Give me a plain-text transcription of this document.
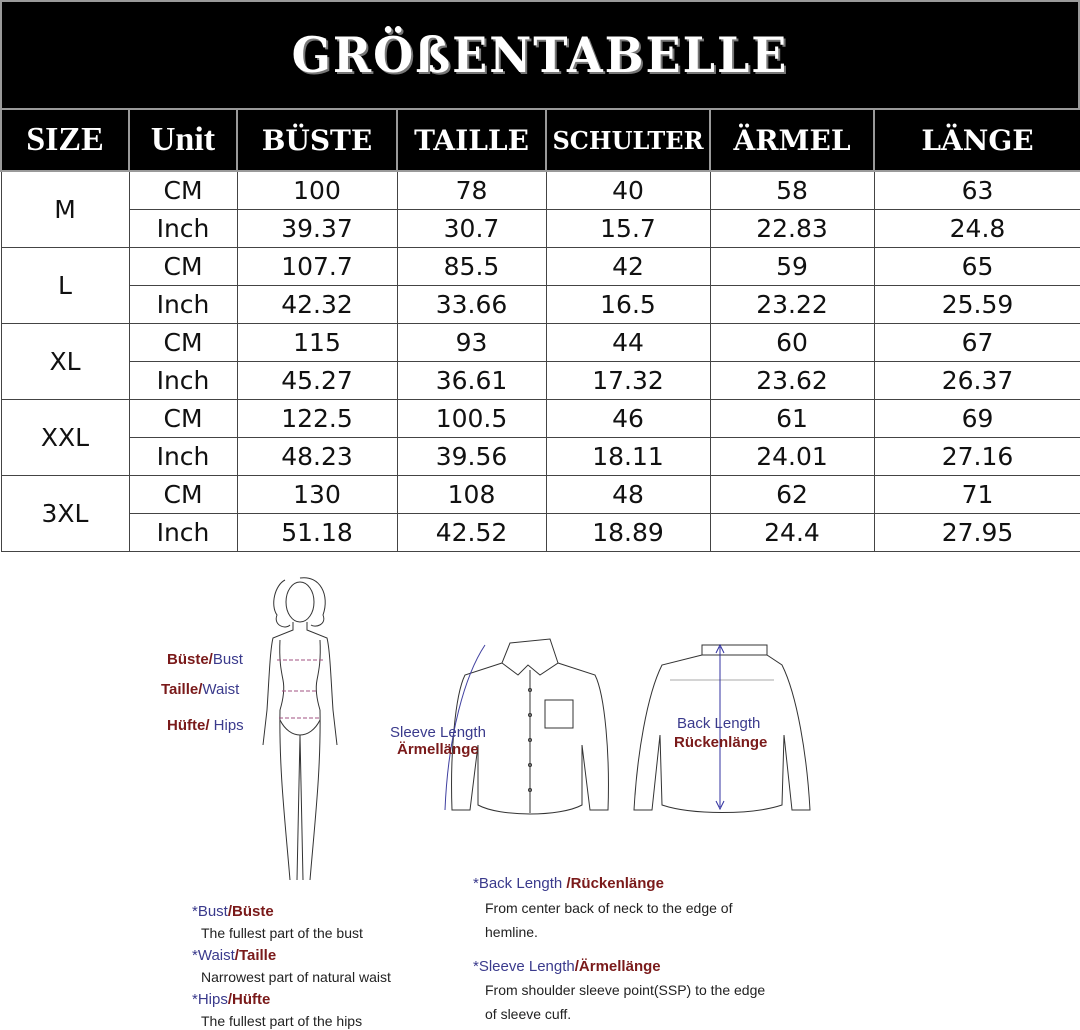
GRÖßENTABELLE
SIZE	Unit	BÜSTE	TAILLE	SCHULTER	ÄRMEL	LÄNGE
M	CM	100	78	40	58	63
	Inch	39.37	30.7	15.7	22.83	24.8
L	CM	107.7	85.5	42	59	65
	Inch	42.32	33.66	16.5	23.22	25.59
XL	CM	115	93	44	60	67
	Inch	45.27	36.61	17.32	23.62	26.37
XXL	CM	122.5	100.5	46	61	69
	Inch	48.23	39.56	18.11	24.01	27.16
3XL	CM	130	108	48	62	71
	Inch	51.18	42.52	18.89	24.4	27.95
Büste/Bust
Taille/Waist
Hüfte/ Hips	Sleeve Length
Ärmellänge
Back Length
Rückenlänge
*Bust/Büste
The fullest part of the bust
*Waist/Taille
Narrowest part of natural waist
*Hips/Hüfte
The fullest part of the hips
*Back Length /Rückenlänge
From center back of neck to the edge of
hemline.
*Sleeve Length/Ärmellänge
From shoulder sleeve point(SSP) to the edge
of sleeve cuff.
